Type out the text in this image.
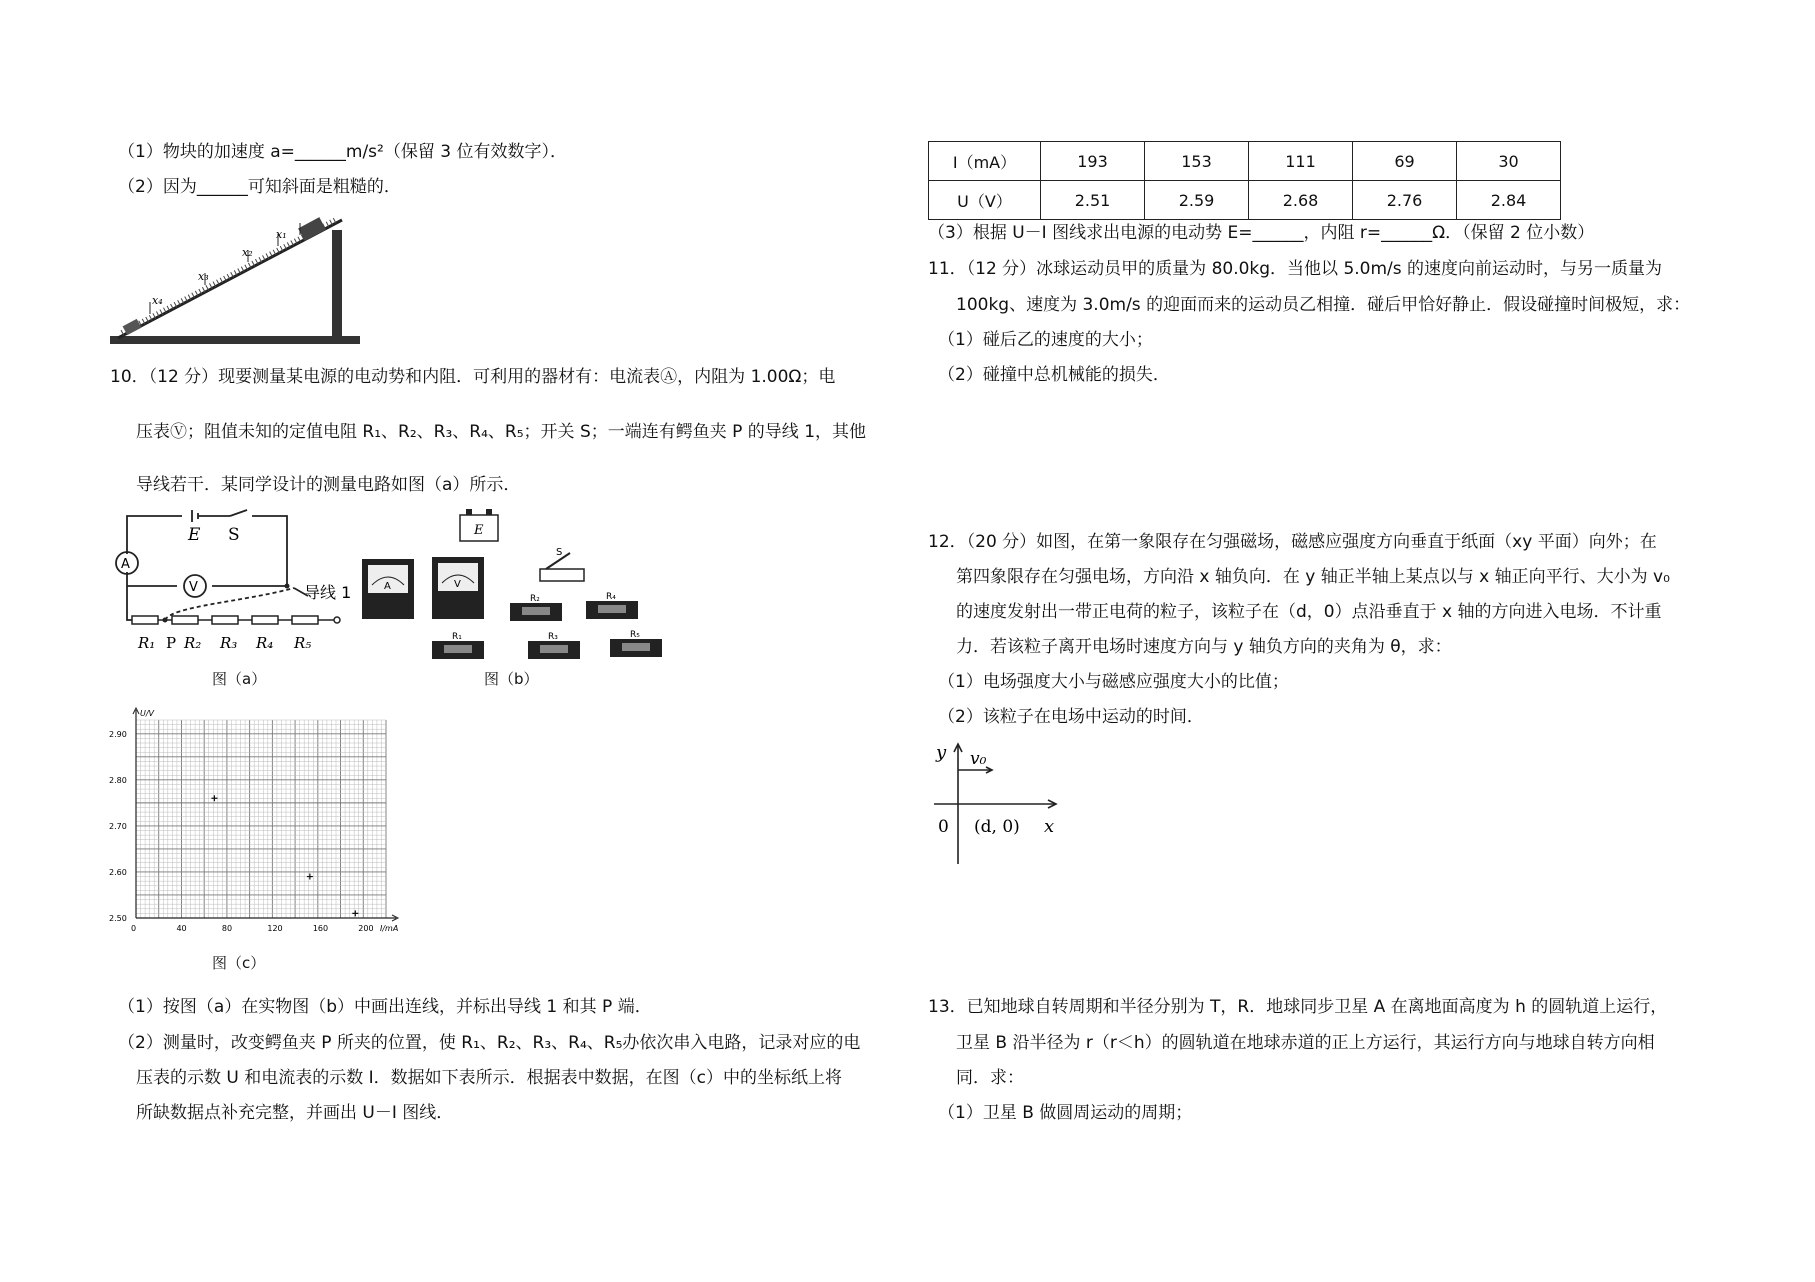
（1）物块的加速度 a=______m/s²（保留 3 位有效数字）．
（2）因为______可知斜面是粗糙的．
x₄
x₃
x₂
x₁
10．（12 分）现要测量某电源的电动势和内阻．可利用的器材有：电流表Ⓐ，内阻为 1.00Ω；电
压表Ⓥ；阻值未知的定值电阻 R₁、R₂、R₃、R₄、R₅；开关 S；一端连有鳄鱼夹 P 的导线 1，其他
导线若干．某同学设计的测量电路如图（a）所示．
A
V
E S
导线 1
R₁ P R₂ R₃ R₄ R₅
E
S
A	V
R₂	R₄
R₁	R₃	R₅
图（a）	图（b）
0	40	80	120	160	200
2.50
2.60
2.70
2.80
2.90
I/mA
U/V
图（c）
（1）按图（a）在实物图（b）中画出连线，并标出导线 1 和其 P 端．
（2）测量时，改变鳄鱼夹 P 所夹的位置，使 R₁、R₂、R₃、R₄、R₅办依次串入电路，记录对应的电
压表的示数 U 和电流表的示数 I．数据如下表所示．根据表中数据，在图（c）中的坐标纸上将
所缺数据点补充完整，并画出 U－I 图线．
I（mA）	193	153	111	69	30
U（V）	2.51	2.59	2.68	2.76	2.84
（3）根据 U－I 图线求出电源的电动势 E=______，内阻 r=______Ω．（保留 2 位小数）
11．（12 分）冰球运动员甲的质量为 80.0kg．当他以 5.0m/s 的速度向前运动时，与另一质量为
100kg、速度为 3.0m/s 的迎面而来的运动员乙相撞．碰后甲恰好静止．假设碰撞时间极短，求：
（1）碰后乙的速度的大小；
（2）碰撞中总机械能的损失．
12．（20 分）如图，在第一象限存在匀强磁场，磁感应强度方向垂直于纸面（xy 平面）向外；在
第四象限存在匀强电场，方向沿 x 轴负向．在 y 轴正半轴上某点以与 x 轴正向平行、大小为 v₀
的速度发射出一带正电荷的粒子，该粒子在（d，0）点沿垂直于 x 轴的方向进入电场．不计重
力．若该粒子离开电场时速度方向与 y 轴负方向的夹角为 θ，求：
（1）电场强度大小与磁感应强度大小的比值；
（2）该粒子在电场中运动的时间．
y v₀
0 (d, 0) x
13．已知地球自转周期和半径分别为 T，R．地球同步卫星 A 在离地面高度为 h 的圆轨道上运行，
卫星 B 沿半径为 r（r＜h）的圆轨道在地球赤道的正上方运行，其运行方向与地球自转方向相
同．求：
（1）卫星 B 做圆周运动的周期；
